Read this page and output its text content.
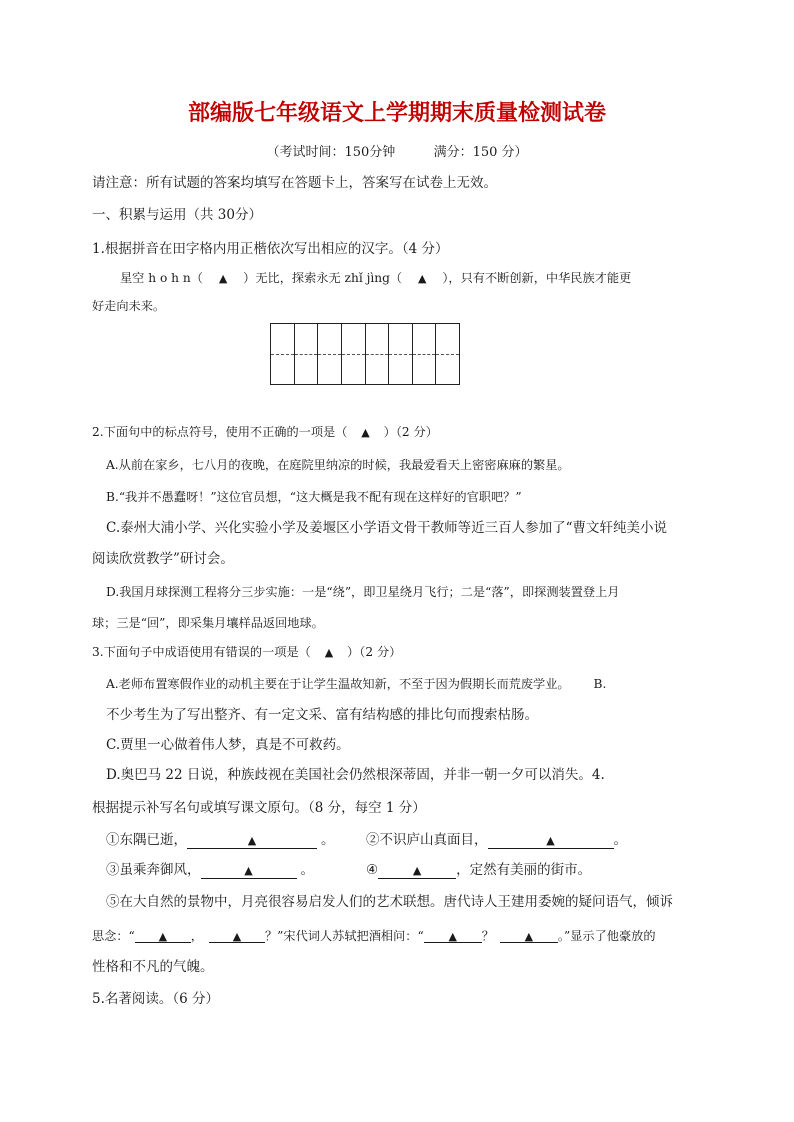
部编版七年级语文上学期期末质量检测试卷
（考试时间：150分钟	满分：150 分）
请注意：所有试题的答案均填写在答题卡上，答案写在试卷上无效。
一、积累与运用（共 30分）
1.根据拼音在田字格内用正楷依次写出相应的汉字。（4 分）
星空 h o h n（ ▲ ）无比，探索永无 zhǐ jìng（ ▲ ），只有不断创新，中华民族才能更
好走向未来。
2.下面句中的标点符号，使用不正确的一项是（ ▲ ）（2 分）
A.从前在家乡，七八月的夜晚，在庭院里纳凉的时候，我最爱看天上密密麻麻的繁星。
B.“我并不愚蠢呀！”这位官员想，“这大概是我不配有现在这样好的官职吧？”
C.泰州大浦小学、兴化实验小学及姜堰区小学语文骨干教师等近三百人参加了“曹文轩纯美小说
阅读欣赏教学”研讨会。
D.我国月球探测工程将分三步实施：一是“绕”，即卫星绕月飞行；二是“落”，即探测装置登上月
球；三是“回”，即采集月壤样品返回地球。
3.下面句子中成语使用有错误的一项是（ ▲ ）（2 分）
A.老师布置寒假作业的动机主要在于让学生温故知新，不至于因为假期长而荒废学业。 B.
不少考生为了写出整齐、有一定文采、富有结构感的排比句而搜索枯肠。
C.贾里一心做着伟人梦，真是不可救药。
D.奥巴马 22 日说，种族歧视在美国社会仍然根深蒂固，并非一朝一夕可以消失。4.
根据提示补写名句或填写课文原句。（8 分，每空 1 分）
①东隅已逝，	▲	。 ②不识庐山真面目，	▲	。
③虽乘奔御风，	▲	。	④	▲	，定然有美丽的街市。
⑤在大自然的景物中，月亮很容易启发人们的艺术联想。唐代诗人王建用委婉的疑问语气，倾诉
思念：“ ▲ ，	▲ ？”宋代词人苏轼把酒相问：“ ▲ ？	▲ 。”显示了他豪放的
性格和不凡的气魄。
5.名著阅读。（6 分）
